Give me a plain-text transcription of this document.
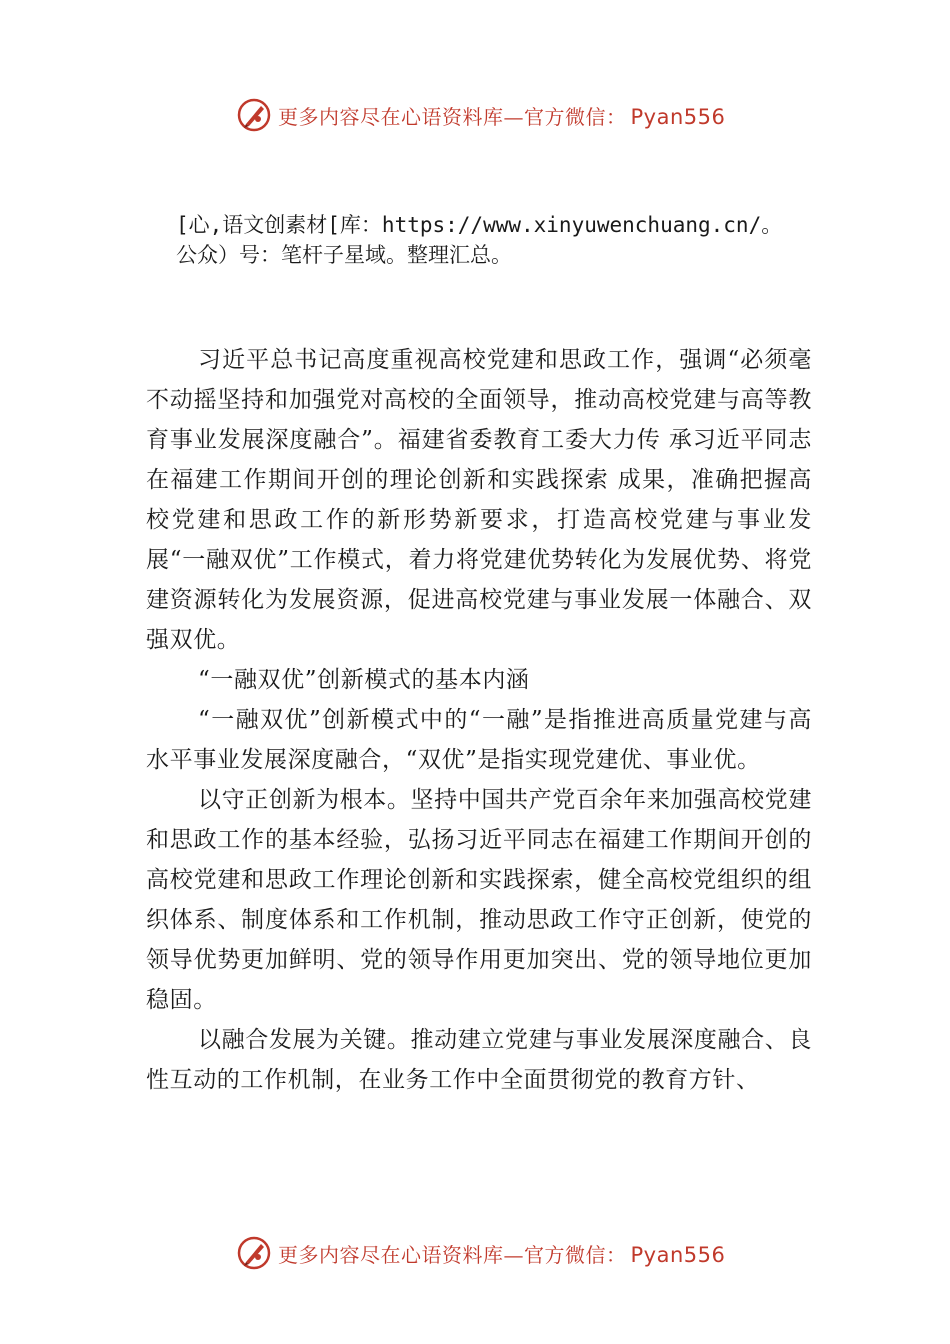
更多内容尽在心语资料库—官方微信： Pyan556
[心,语文创素材[库：https://www.xinyuwenchuang.cn/。
公众）号：笔杆子星域。整理汇总。

习近平总书记高度重视高校党建和思政工作，强调“必须毫不动摇坚持和加强党对高校的全面领导，推动高校党建与高等教育事业发展深度融合”。福建省委教育工委大力传 承习近平同志在福建工作期间开创的理论创新和实践探索 成果，准确把握高校党建和思政工作的新形势新要求，打造高校党建与事业发展“一融双优”工作模式，着力将党建优势转化为发展优势、将党建资源转化为发展资源，促进高校党建与事业发展一体融合、双强双优。

“一融双优”创新模式的基本内涵

“一融双优”创新模式中的“一融”是指推进高质量党建与高水平事业发展深度融合，“双优”是指实现党建优、事业优。

以守正创新为根本。坚持中国共产党百余年来加强高校党建和思政工作的基本经验，弘扬习近平同志在福建工作期间开创的高校党建和思政工作理论创新和实践探索，健全高校党组织的组织体系、制度体系和工作机制，推动思政工作守正创新，使党的领导优势更加鲜明、党的领导作用更加突出、党的领导地位更加稳固。

以融合发展为关键。推动建立党建与事业发展深度融合、良性互动的工作机制，在业务工作中全面贯彻党的教育方针、

更多内容尽在心语资料库—官方微信： Pyan556
